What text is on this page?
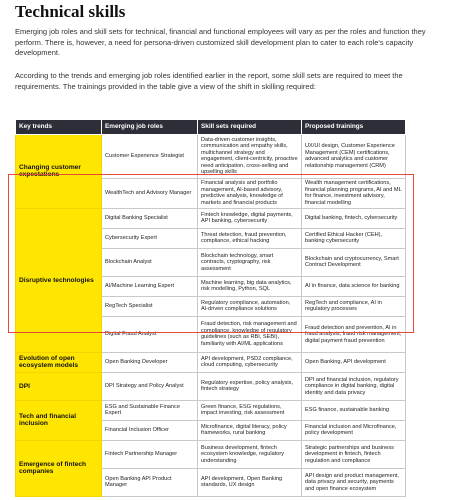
Technical skills

Emerging job roles and skill sets for technical, financial and functional employees will vary as per the roles and function they perform. There is, however, a need for persona-driven customized skill development plan to cater to each role's capacity development.

According to the trends and emerging job roles identified earlier in the report, some skill sets are required to meet the requirements. The trainings provided in the table give a view of the shift in skilling required:

Key trends	Emerging job roles	Skill sets required	Proposed trainings
Changing customer expectations	Customer Experience Strategist	Data-driven customer insights, communication and empathy skills, multichannel strategy and engagement, client-centricity, proactive need anticipation, cross-selling and upselling skills	UX/UI design, Customer Experience Management (CEM) certifications, advanced analytics and customer relationship management (CRM)
	WealthTech and Advisory Manager	Financial analysis and portfolio management, AI-based advisory, predictive analysis, knowledge of markets and financial products	Wealth management certifications, financial planning programs, AI and ML for finance, investment advisory, financial modelling
Disruptive technologies	Digital Banking Specialist	Fintech knowledge, digital payments, API banking, cybersecurity	Digital banking, fintech, cybersecurity
	Cybersecurity Expert	Threat detection, fraud prevention, compliance, ethical hacking	Certified Ethical Hacker (CEH), banking cybersecurity
	Blockchain Analyst	Blockchain technology, smart contracts, cryptography, risk assessment	Blockchain and cryptocurrency, Smart Contract Development
	AI/Machine Learning Expert	Machine learning, big data analytics, risk modelling, Python, SQL	AI in finance, data science for banking
	RegTech Specialist	Regulatory compliance, automation, AI-driven compliance solutions	RegTech and compliance, AI in regulatory processes
	Digital Fraud Analyst	Fraud detection, risk management and compliance, knowledge of regulatory guidelines (such as RBI, SEBI), familiarity with AI/ML applications	Fraud detection and prevention, AI in fraud analysis, fraud risk management, digital payment fraud prevention
Evolution of open ecosystem models	Open Banking Developer	API development, PSD2 compliance, cloud computing, cybersecurity	Open Banking, API development
DPI	DPI Strategy and Policy Analyst	Regulatory expertise, policy analysis, fintech strategy	DPI and financial inclusion, regulatory compliance in digital banking, digital identity and data privacy
Tech and financial inclusion	ESG and Sustainable Finance Expert	Green finance, ESG regulations, impact investing, risk assessment	ESG finance, sustainable banking
	Financial Inclusion Officer	Microfinance, digital literacy, policy frameworks, rural banking	Financial inclusion and Microfinance, policy development
Emergence of fintech companies	Fintech Partnership Manager	Business development, fintech ecosystem knowledge, regulatory understanding	Strategic partnerships and business development in fintech, fintech regulation and compliance
	Open Banking API Product Manager	API development, Open Banking standards, UX design	API design and product management, data privacy and security, payments and open finance ecosystem
